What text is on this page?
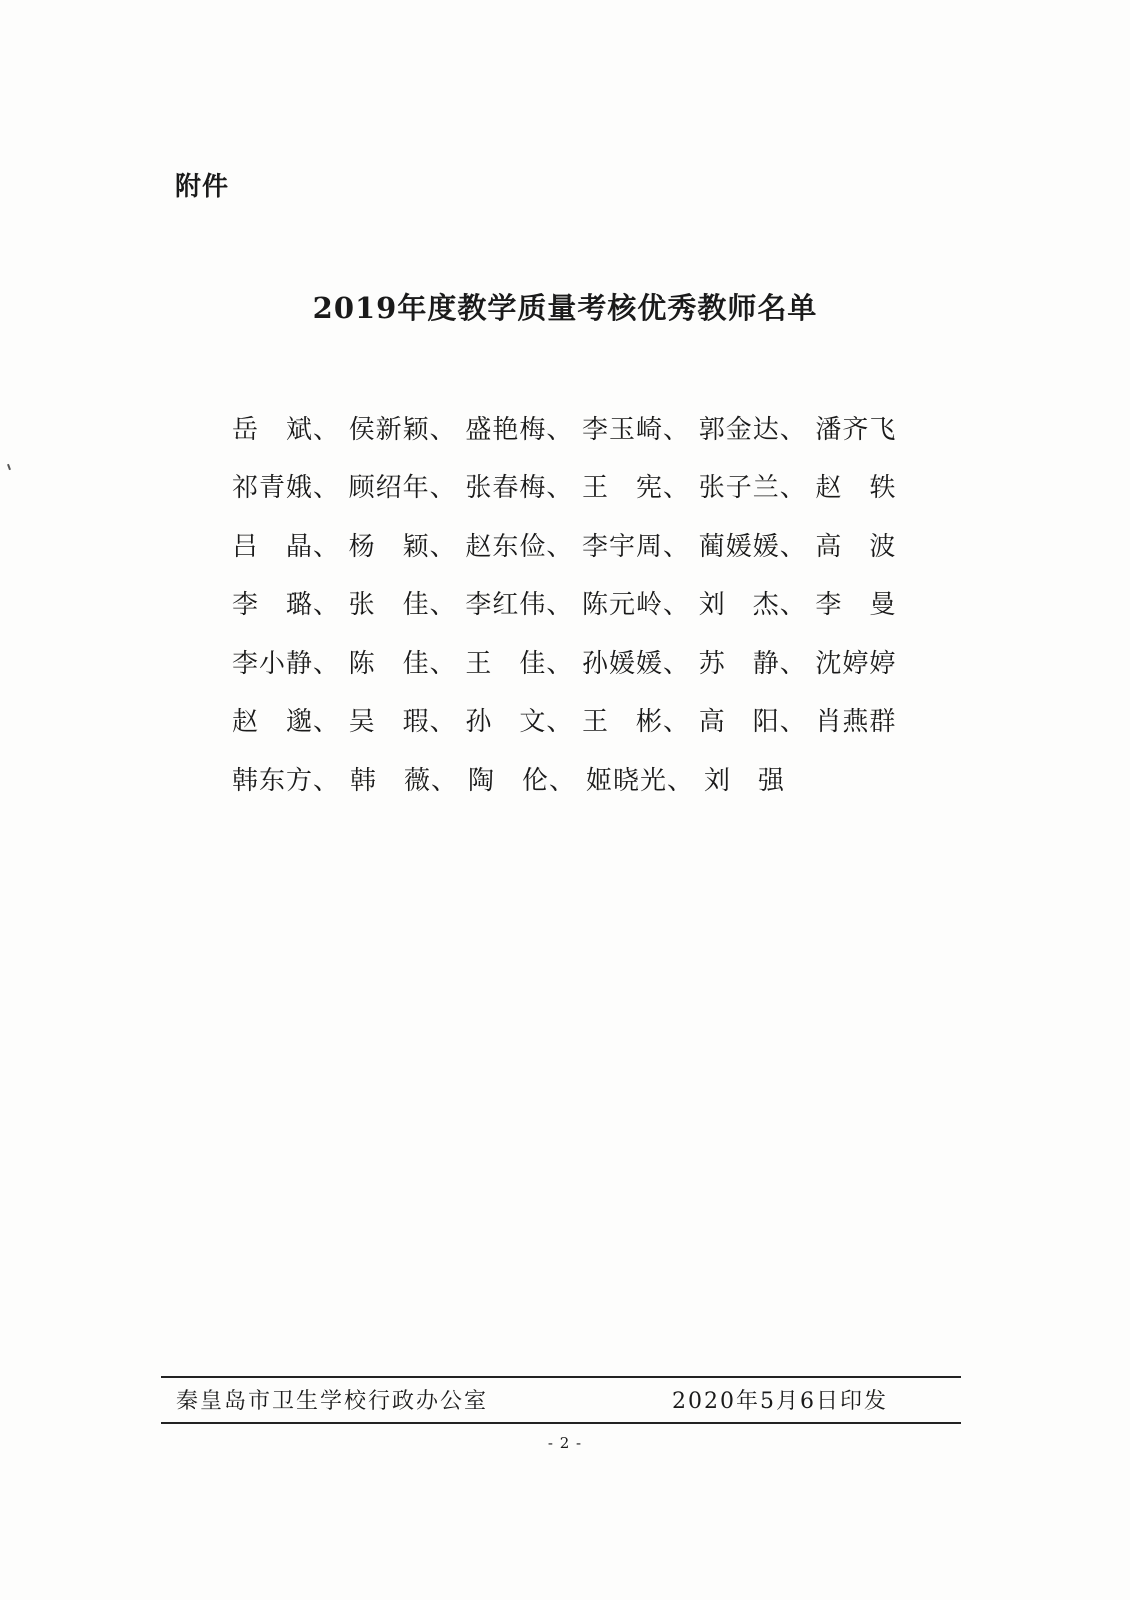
附件
2019年度教学质量考核优秀教师名单
岳　斌、 侯新颖、 盛艳梅、 李玉崎、 郭金达、 潘齐飞
祁青娥、 顾绍年、 张春梅、 王　宪、 张子兰、 赵　轶
吕　晶、 杨　颖、 赵东俭、 李宇周、 蔺媛媛、 高　波
李　璐、 张　佳、 李红伟、 陈元岭、 刘　杰、 李　曼
李小静、 陈　佳、 王　佳、 孙媛媛、 苏　静、 沈婷婷
赵　邈、 吴　瑕、 孙　文、 王　彬、 高　阳、 肖燕群
韩东方、 韩　薇、 陶　伦、 姬晓光、 刘　强
秦皇岛市卫生学校行政办公室	2020年5月6日印发
- 2 -
